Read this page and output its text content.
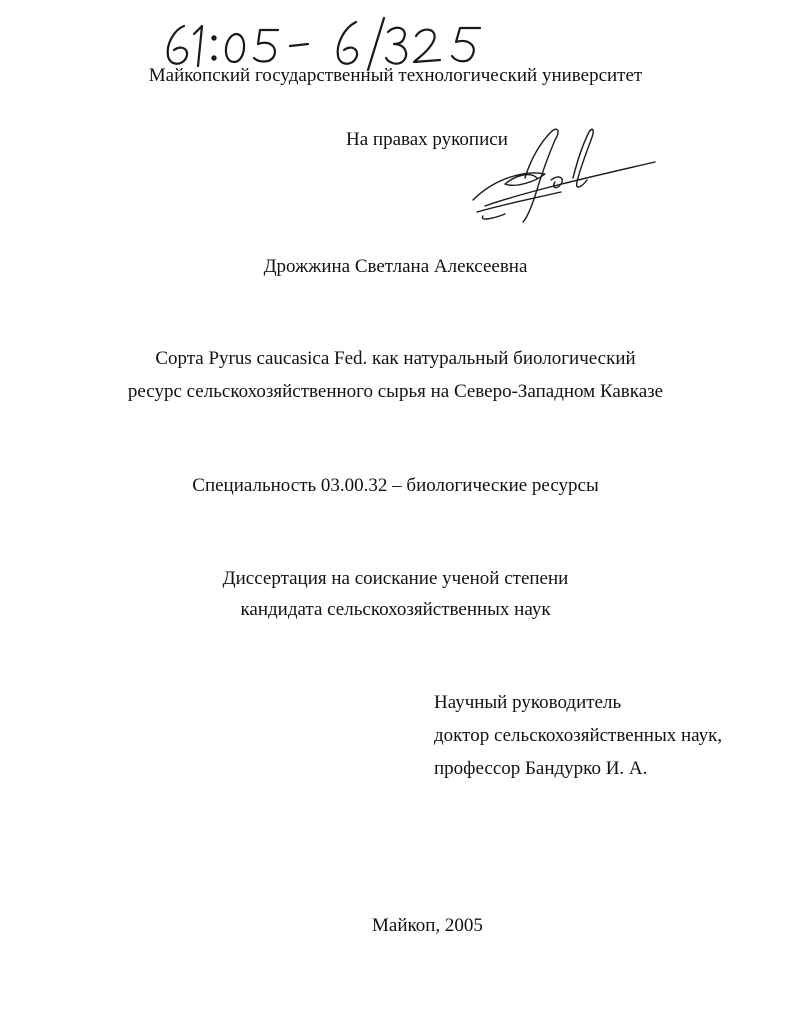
Майкопский государственный технологический университет
На правах рукописи
Дрожжина Светлана Алексеевна
Сорта Pyrus caucasica Fed. как натуральный биологический
ресурс сельскохозяйственного сырья на Северо-Западном Кавказе
Специальность 03.00.32 – биологические ресурсы
Диссертация на соискание ученой степени
кандидата сельскохозяйственных наук
Научный руководитель
доктор сельскохозяйственных наук,
профессор Бандурко И. А.
Майкоп, 2005
